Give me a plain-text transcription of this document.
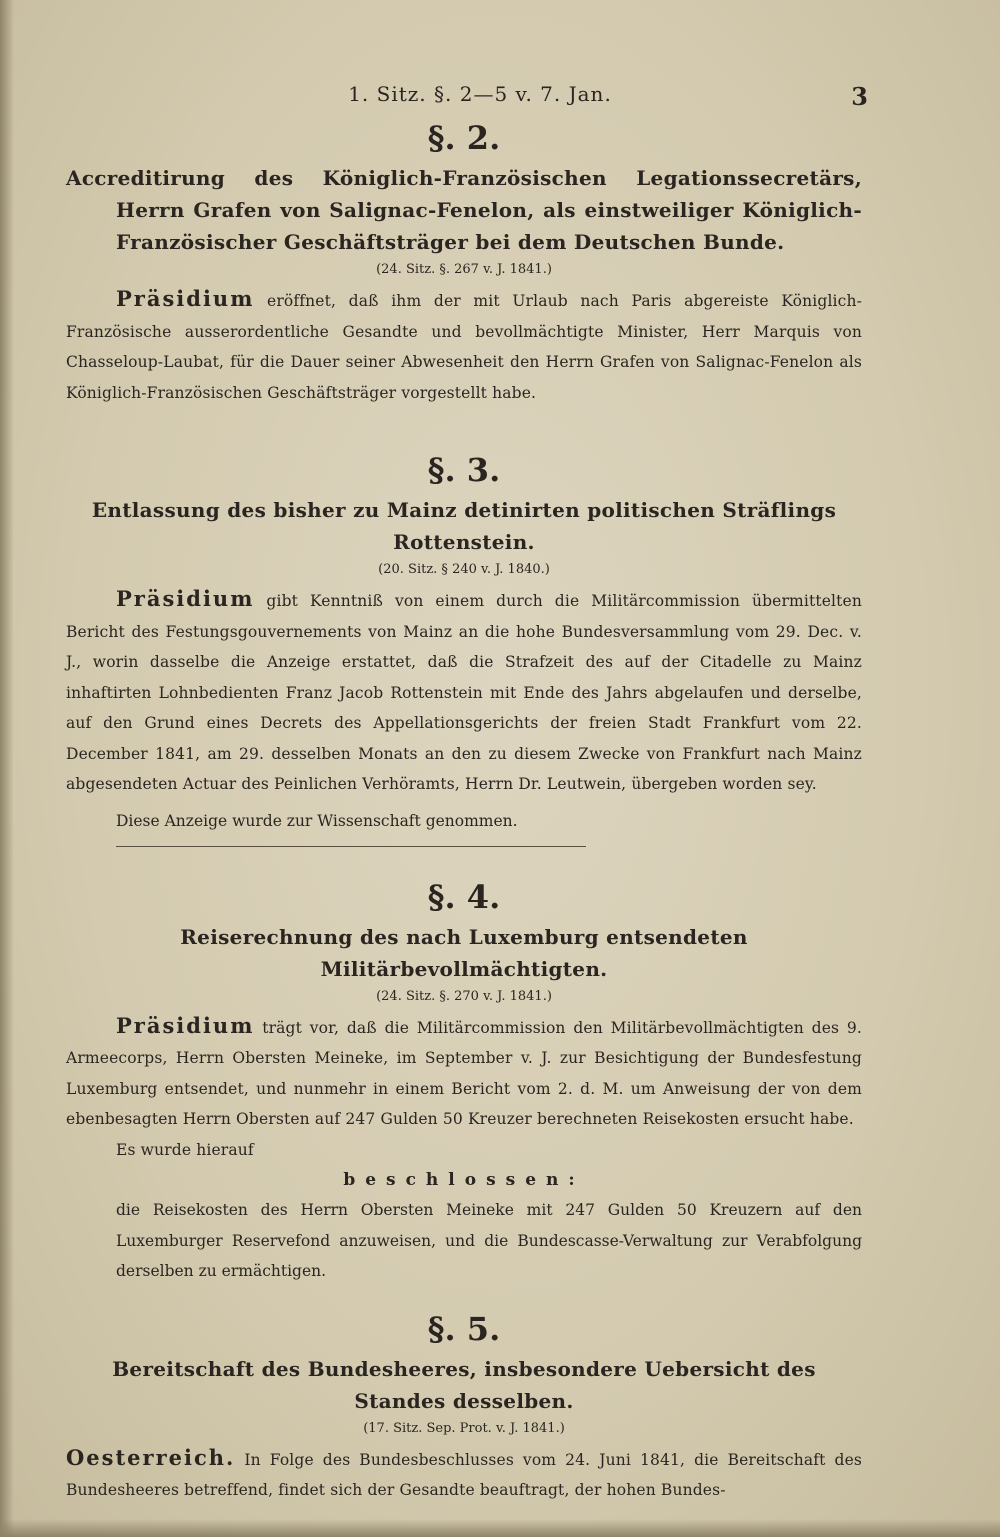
1. Sitz. §. 2—5 v. 7. Jan.	3
§. 2.

Accreditirung des Königlich-Französischen Legationssecretärs, Herrn Grafen von Salignac-Fenelon, als einstweiliger Königlich-Französischer Geschäftsträger bei dem Deutschen Bunde.

(24. Sitz. §. 267 v. J. 1841.)

Präsidium eröffnet, daß ihm der mit Urlaub nach Paris abgereiste Königlich-Französische ausserordentliche Gesandte und bevollmächtigte Minister, Herr Marquis von Chasseloup-Laubat, für die Dauer seiner Abwesenheit den Herrn Grafen von Salignac-Fenelon als Königlich-Französischen Geschäftsträger vorgestellt habe.

§. 3.

Entlassung des bisher zu Mainz detinirten politischen Sträflings Rottenstein.

(20. Sitz. § 240 v. J. 1840.)

Präsidium gibt Kenntniß von einem durch die Militärcommission übermittelten Bericht des Festungsgouvernements von Mainz an die hohe Bundesversammlung vom 29. Dec. v. J., worin dasselbe die Anzeige erstattet, daß die Strafzeit des auf der Citadelle zu Mainz inhaftirten Lohnbedienten Franz Jacob Rottenstein mit Ende des Jahrs abgelaufen und derselbe, auf den Grund eines Decrets des Appellationsgerichts der freien Stadt Frankfurt vom 22. December 1841, am 29. desselben Monats an den zu diesem Zwecke von Frankfurt nach Mainz abgesendeten Actuar des Peinlichen Verhöramts, Herrn Dr. Leutwein, übergeben worden sey.

Diese Anzeige wurde zur Wissenschaft genommen.

§. 4.

Reiserechnung des nach Luxemburg entsendeten Militärbevollmächtigten.

(24. Sitz. §. 270 v. J. 1841.)

Präsidium trägt vor, daß die Militärcommission den Militärbevollmächtigten des 9. Armeecorps, Herrn Obersten Meineke, im September v. J. zur Besichtigung der Bundesfestung Luxemburg entsendet, und nunmehr in einem Bericht vom 2. d. M. um Anweisung der von dem ebenbesagten Herrn Obersten auf 247 Gulden 50 Kreuzer berechneten Reisekosten ersucht habe.

Es wurde hierauf

beschlossen:

die Reisekosten des Herrn Obersten Meineke mit 247 Gulden 50 Kreuzern auf den Luxemburger Reservefond anzuweisen, und die Bundescasse-Verwaltung zur Verabfolgung derselben zu ermächtigen.

§. 5.

Bereitschaft des Bundesheeres, insbesondere Uebersicht des Standes desselben.

(17. Sitz. Sep. Prot. v. J. 1841.)

Oesterreich. In Folge des Bundesbeschlusses vom 24. Juni 1841, die Bereitschaft des Bundesheeres betreffend, findet sich der Gesandte beauftragt, der hohen Bundes-
